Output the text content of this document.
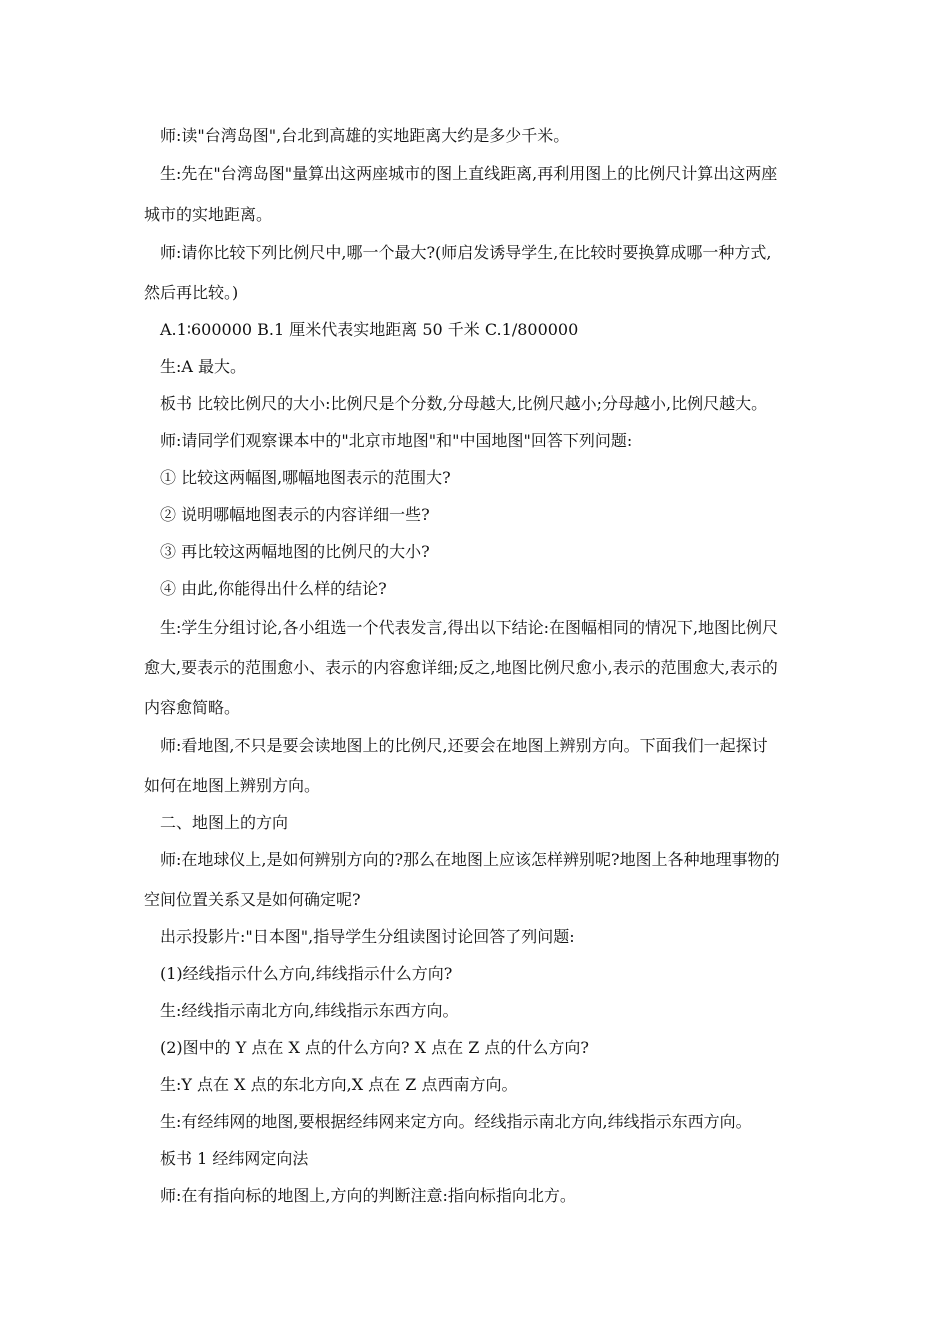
师:读"台湾岛图",台北到高雄的实地距离大约是多少千米。

生:先在"台湾岛图"量算出这两座城市的图上直线距离,再利用图上的比例尺计算出这两座

城市的实地距离。

师:请你比较下列比例尺中,哪一个最大?(师启发诱导学生,在比较时要换算成哪一种方式,

然后再比较。)

A.1∶600000 B.1 厘米代表实地距离 50 千米 C.1/800000

生:A 最大。

板书 比较比例尺的大小:比例尺是个分数,分母越大,比例尺越小;分母越小,比例尺越大。

师:请同学们观察课本中的"北京市地图"和"中国地图"回答下列问题:

① 比较这两幅图,哪幅地图表示的范围大?

② 说明哪幅地图表示的内容详细一些?

③ 再比较这两幅地图的比例尺的大小?

④ 由此,你能得出什么样的结论?

生:学生分组讨论,各小组选一个代表发言,得出以下结论:在图幅相同的情况下,地图比例尺

愈大,要表示的范围愈小、表示的内容愈详细;反之,地图比例尺愈小,表示的范围愈大,表示的

内容愈简略。

师:看地图,不只是要会读地图上的比例尺,还要会在地图上辨别方向。下面我们一起探讨

如何在地图上辨别方向。

二、地图上的方向

师:在地球仪上,是如何辨别方向的?那么在地图上应该怎样辨别呢?地图上各种地理事物的

空间位置关系又是如何确定呢?

出示投影片:"日本图",指导学生分组读图讨论回答了列问题:

(1)经线指示什么方向,纬线指示什么方向?

生:经线指示南北方向,纬线指示东西方向。

(2)图中的 Y 点在 X 点的什么方向? X 点在 Z 点的什么方向?

生:Y 点在 X 点的东北方向,X 点在 Z 点西南方向。

生:有经纬网的地图,要根据经纬网来定方向。经线指示南北方向,纬线指示东西方向。

板书 1 经纬网定向法

师:在有指向标的地图上,方向的判断注意:指向标指向北方。
